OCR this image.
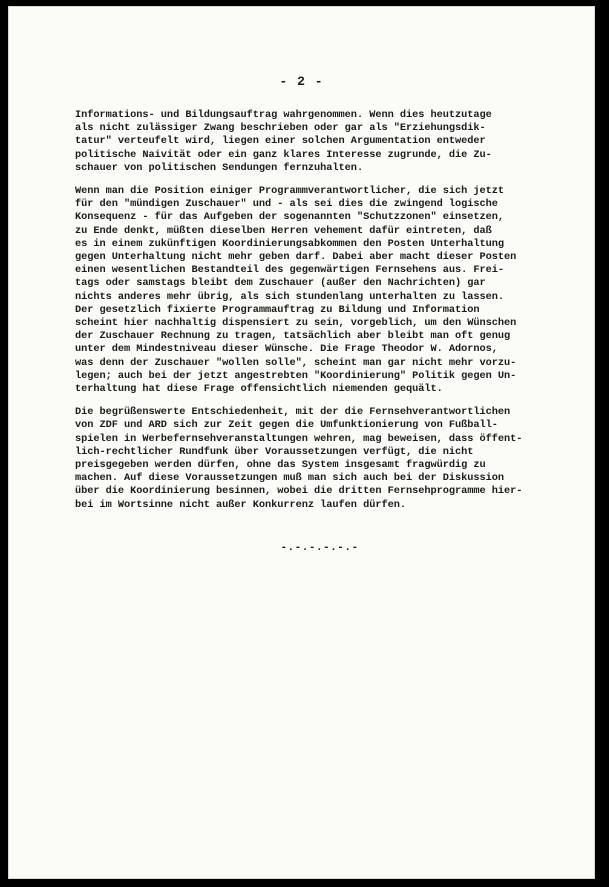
- 2 -
Informations- und Bildungsauftrag wahrgenommen. Wenn dies heutzutage
als nicht zulässiger Zwang beschrieben oder gar als "Erziehungsdik-
tatur" verteufelt wird, liegen einer solchen Argumentation entweder
politische Naivität oder ein ganz klares Interesse zugrunde, die Zu-
schauer von politischen Sendungen fernzuhalten.
Wenn man die Position einiger Programmverantwortlicher, die sich jetzt
für den "mündigen Zuschauer" und - als sei dies die zwingend logische
Konsequenz - für das Aufgeben der sogenannten "Schutzzonen" einsetzen,
zu Ende denkt, müßten dieselben Herren vehement dafür eintreten, daß
es in einem zukünftigen Koordinierungsabkommen den Posten Unterhaltung
gegen Unterhaltung nicht mehr geben darf. Dabei aber macht dieser Posten
einen wesentlichen Bestandteil des gegenwärtigen Fernsehens aus. Frei-
tags oder samstags bleibt dem Zuschauer (außer den Nachrichten) gar
nichts anderes mehr übrig, als sich stundenlang unterhalten zu lassen.
Der gesetzlich fixierte Programmauftrag zu Bildung und Information
scheint hier nachhaltig dispensiert zu sein, vorgeblich, um den Wünschen
der Zuschauer Rechnung zu tragen, tatsächlich aber bleibt man oft genug
unter dem Mindestniveau dieser Wünsche. Die Frage Theodor W. Adornos,
was denn der Zuschauer "wollen solle", scheint man gar nicht mehr vorzu-
legen; auch bei der jetzt angestrebten "Koordinierung" Politik gegen Un-
terhaltung hat diese Frage offensichtlich niemenden gequält.
Die begrüßenswerte Entschiedenheit, mit der die Fernsehverantwortlichen
von ZDF und ARD sich zur Zeit gegen die Umfunktionierung von Fußball-
spielen in Werbefernsehveranstaltungen wehren, mag beweisen, dass öffent-
lich-rechtlicher Rundfunk über Voraussetzungen verfügt, die nicht
preisgegeben werden dürfen, ohne das System insgesamt fragwürdig zu
machen. Auf diese Voraussetzungen muß man sich auch bei der Diskussion
über die Koordinierung besinnen, wobei die dritten Fernsehprogramme hier-
bei im Wortsinne nicht außer Konkurrenz laufen dürfen.
-.-.-.-.-.-
